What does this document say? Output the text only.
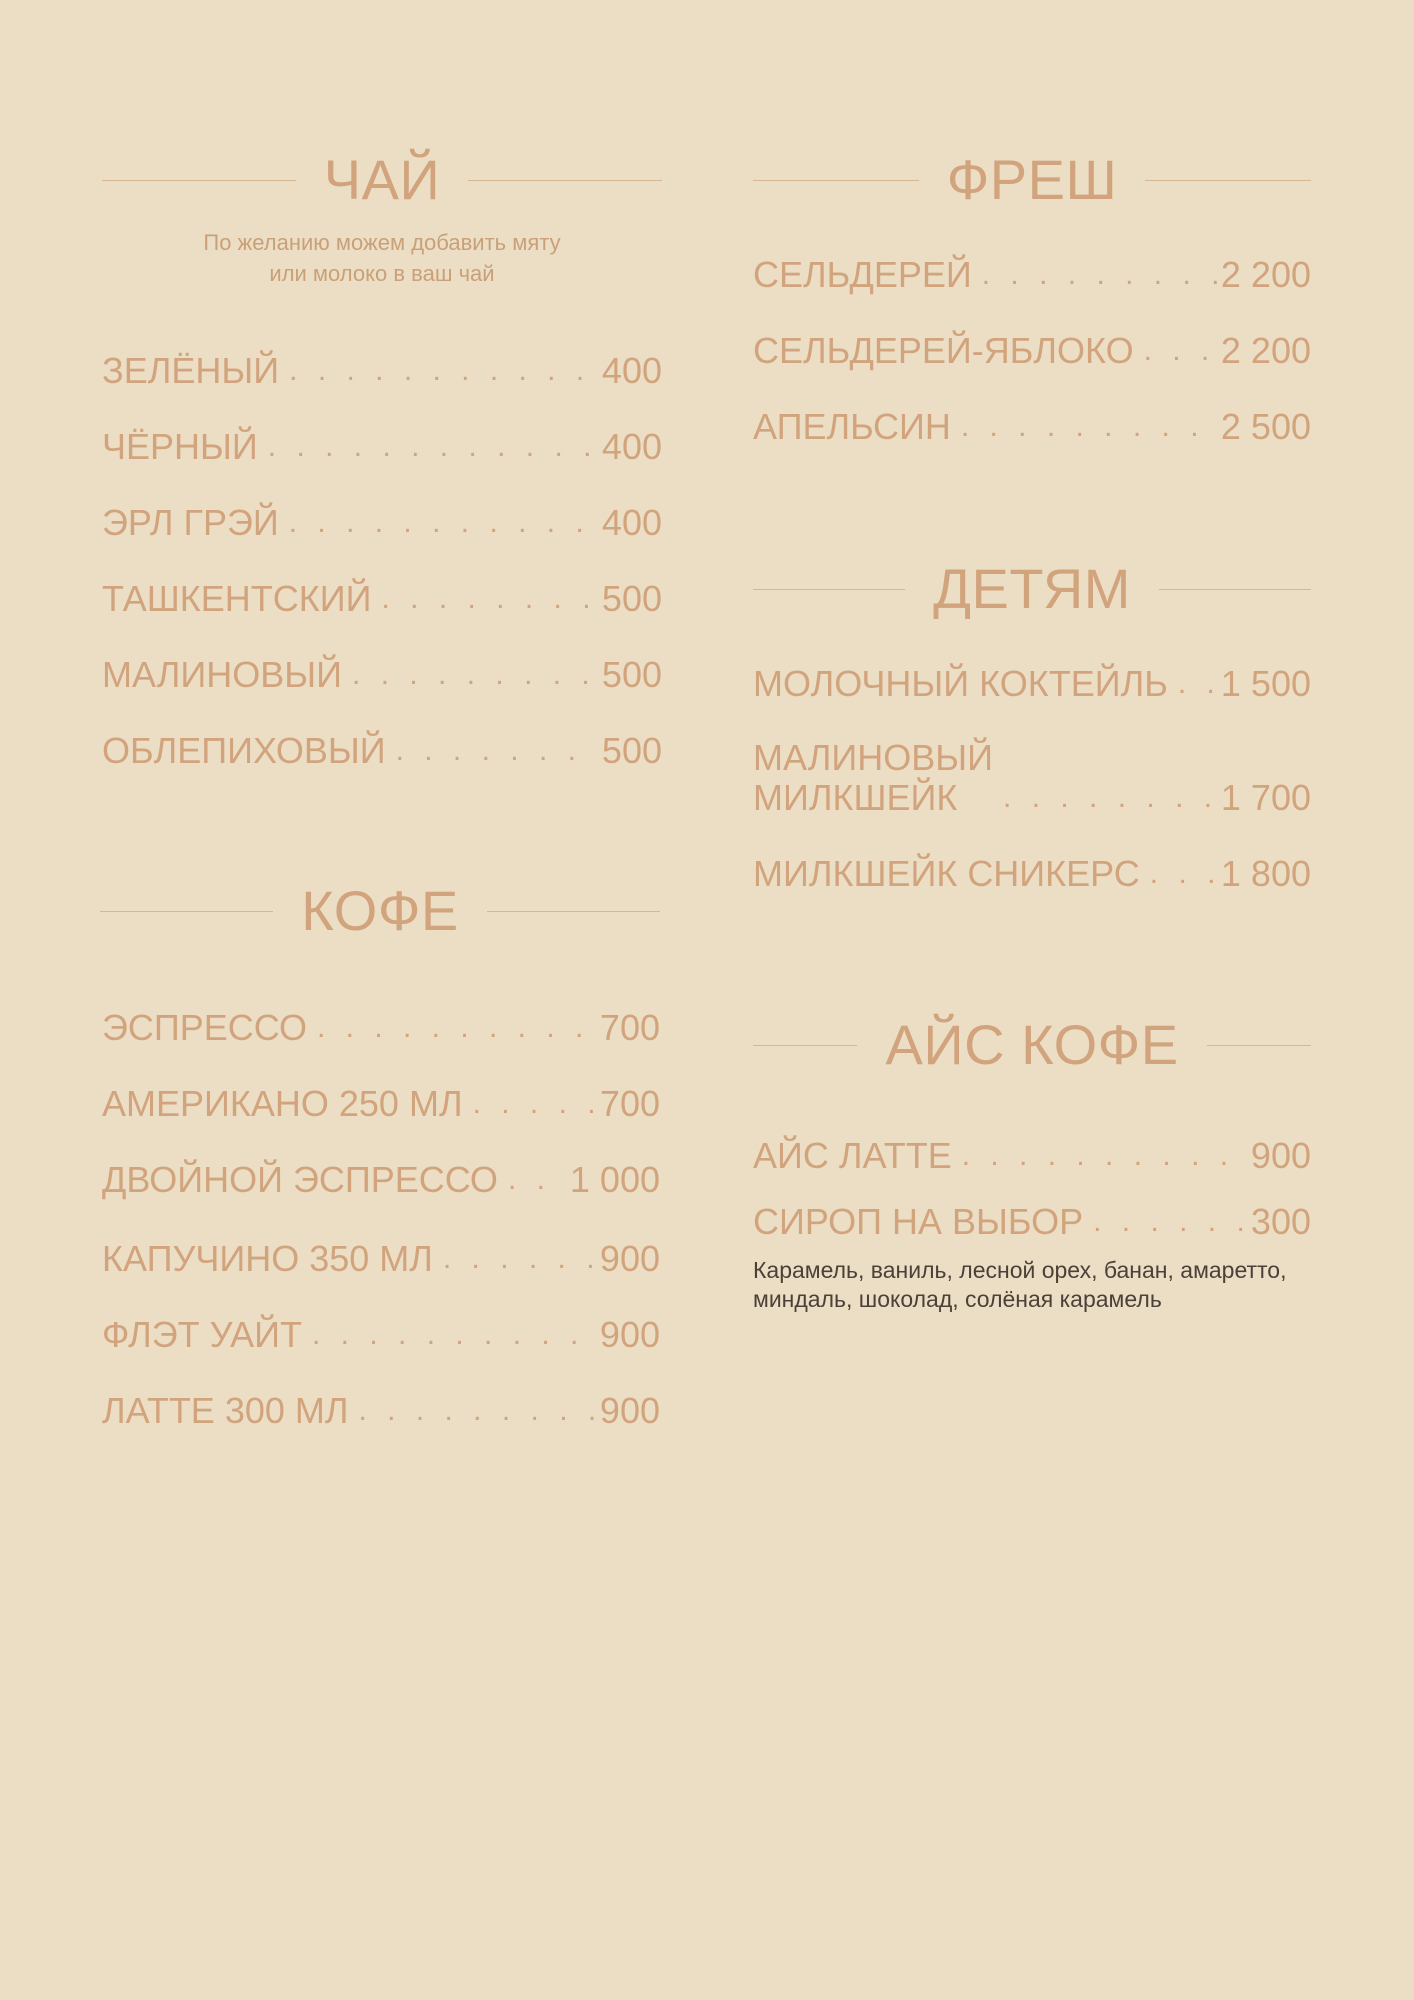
ЧАЙ
По желанию можем добавить мяту
или молоко в ваш чай
ЗЕЛЁНЫЙ . . .	400
ЧЁРНЫЙ . . .	400
ЭРЛ ГРЭЙ . . .	400
ТАШКЕНТСКИЙ . . .	500
МАЛИНОВЫЙ . . .	500
ОБЛЕПИХОВЫЙ . . .	500
КОФЕ
ЭСПРЕССО . . .	700
АМЕРИКАНО 250 МЛ . . .	700
ДВОЙНОЙ ЭСПРЕССО . . . 1 000
КАПУЧИНО 350 МЛ . . .	900
ФЛЭТ УАЙТ . . .	900
ЛАТТЕ 300 МЛ . . .	900
ФРЕШ
СЕЛЬДЕРЕЙ . . .	2 200
СЕЛЬДЕРЕЙ-ЯБЛОКО . . . 2 200
АПЕЛЬСИН . . .	2 500
ДЕТЯМ
МОЛОЧНЫЙ КОКТЕЙЛЬ . . . 1 500
МАЛИНОВЫЙ
МИЛКШЕЙК . . .	1 700
МИЛКШЕЙК СНИКЕРС . . . 1 800
АЙС КОФЕ
АЙС ЛАТТЕ . . .	900
СИРОП НА ВЫБОР . . .	300
Карамель, ваниль, лесной орех, банан, амаретто,
миндаль, шоколад, солёная карамель
